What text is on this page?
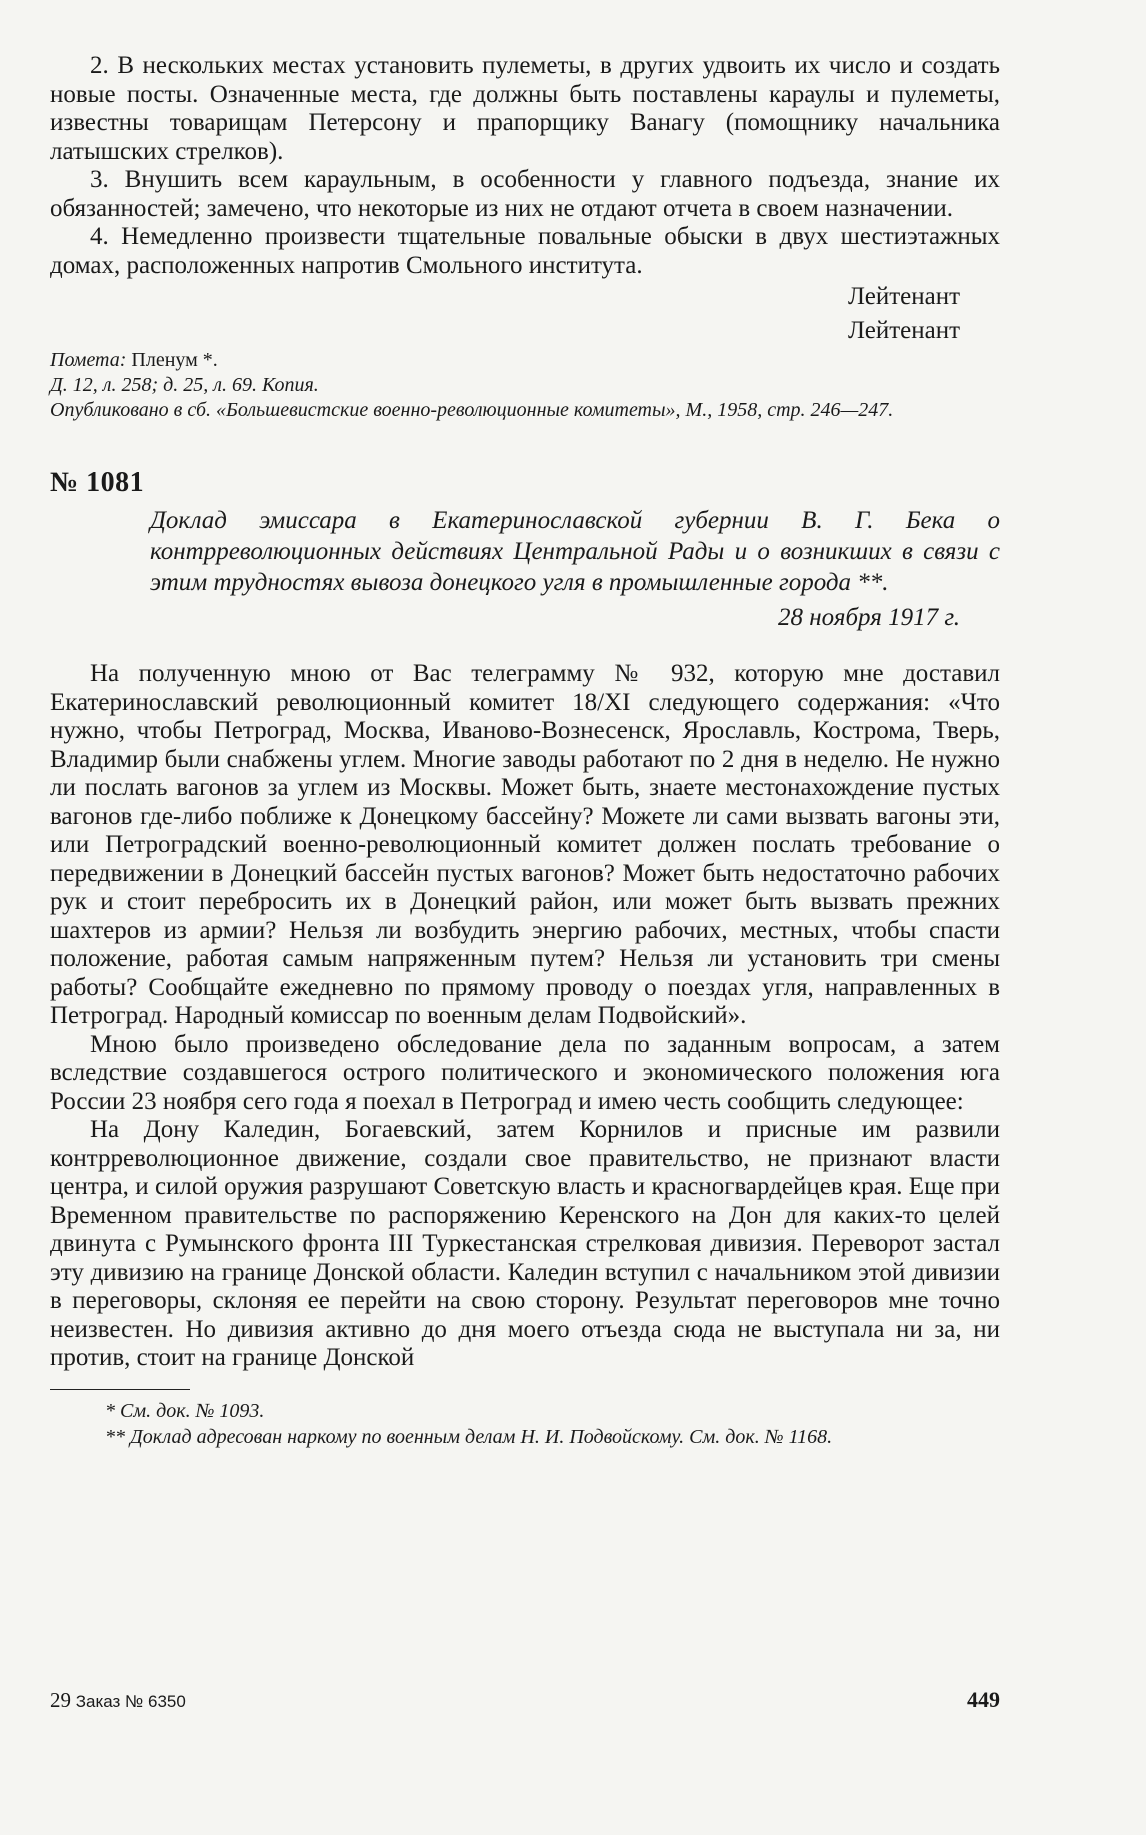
2. В нескольких местах установить пулеметы, в других удвоить их число и создать новые посты. Означенные места, где должны быть поставлены караулы и пулеметы, известны товарищам Петерсону и прапорщику Ванагу (помощнику начальника латышских стрелков).

3. Внушить всем караульным, в особенности у главного подъезда, знание их обязанностей; замечено, что некоторые из них не отдают отчета в своем назначении.

4. Немедленно произвести тщательные повальные обыски в двух шестиэтажных домах, расположенных напротив Смольного института.

Лейтенант

Лейтенант

Помета: Пленум *.

Д. 12, л. 258; д. 25, л. 69. Копия.

Опубликовано в сб. «Большевистские военно-революционные комитеты», М., 1958, стр. 246—247.

№ 1081

Доклад эмиссара в Екатеринославской губернии В. Г. Бека о контрреволюционных действиях Центральной Рады и о возникших в связи с этим трудностях вывоза донецкого угля в промышленные города **.

28 ноября 1917 г.

На полученную мною от Вас телеграмму № 932, которую мне доставил Екатеринославский революционный комитет 18/XI следующего содержания: «Что нужно, чтобы Петроград, Москва, Иваново-Вознесенск, Ярославль, Кострома, Тверь, Владимир были снабжены углем. Многие заводы работают по 2 дня в неделю. Не нужно ли послать вагонов за углем из Москвы. Может быть, знаете местонахождение пустых вагонов где-либо поближе к Донецкому бассейну? Можете ли сами вызвать вагоны эти, или Петроградский военно-революционный комитет должен послать требование о передвижении в Донецкий бассейн пустых вагонов? Может быть недостаточно рабочих рук и стоит перебросить их в Донецкий район, или может быть вызвать прежних шахтеров из армии? Нельзя ли возбудить энергию рабочих, местных, чтобы спасти положение, работая самым напряженным путем? Нельзя ли установить три смены работы? Сообщайте ежедневно по прямому проводу о поездах угля, направленных в Петроград. Народный комиссар по военным делам Подвойский».

Мною было произведено обследование дела по заданным вопросам, а затем вследствие создавшегося острого политического и экономического положения юга России 23 ноября сего года я поехал в Петроград и имею честь сообщить следующее:

На Дону Каледин, Богаевский, затем Корнилов и присные им развили контрреволюционное движение, создали свое правительство, не признают власти центра, и силой оружия разрушают Советскую власть и красногвардейцев края. Еще при Временном правительстве по распоряжению Керенского на Дон для каких-то целей двинута с Румынского фронта III Туркестанская стрелковая дивизия. Переворот застал эту дивизию на границе Донской области. Каледин вступил с начальником этой дивизии в переговоры, склоняя ее перейти на свою сторону. Результат переговоров мне точно неизвестен. Но дивизия активно до дня моего отъезда сюда не выступала ни за, ни против, стоит на границе Донской

* См. док. № 1093.

** Доклад адресован наркому по военным делам Н. И. Подвойскому. См. док. № 1168.

29 Заказ № 6350	449
